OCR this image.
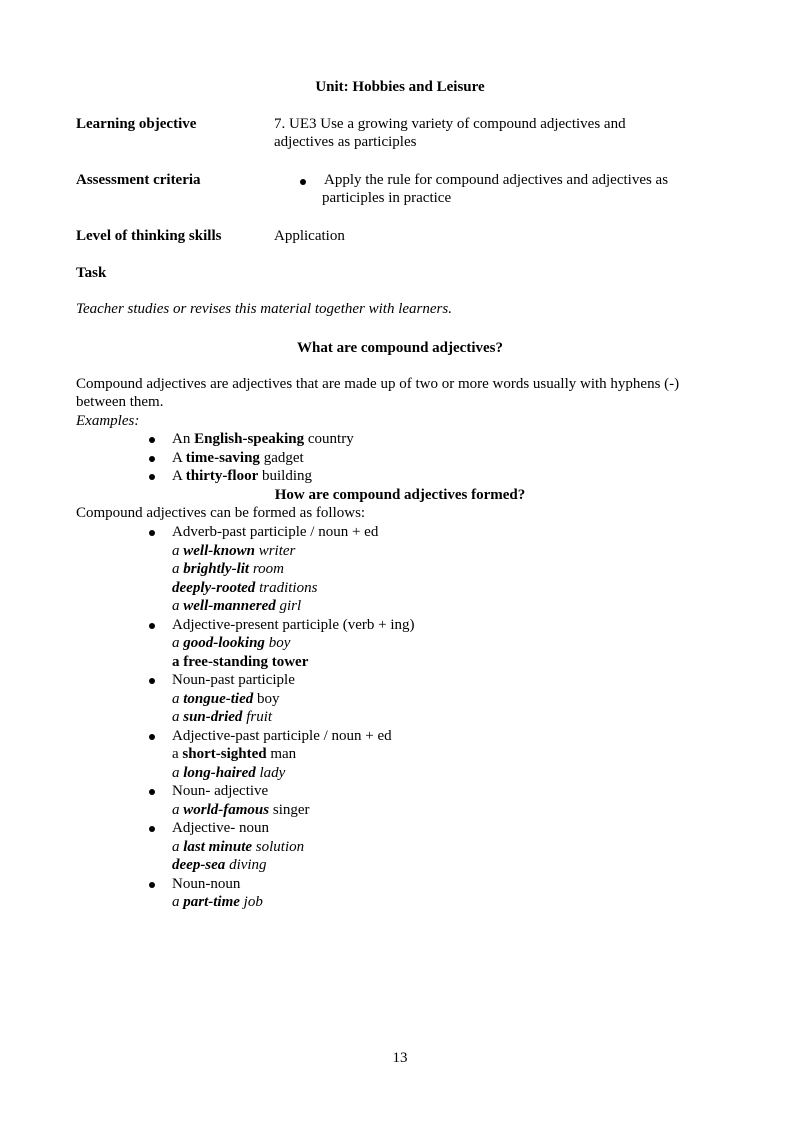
Unit: Hobbies and Leisure
Learning objective	7. UE3 Use a growing variety of compound adjectives and adjectives as participles
Assessment criteria	Apply the rule for compound adjectives and adjectives as participles in practice
Level of thinking skills	Application
Task
Teacher studies or revises this material together with learners.
What are compound adjectives?
Compound adjectives are adjectives that are made up of two or more words usually with hyphens (-) between them.
Examples:
How are compound adjectives formed?
Compound adjectives can be formed as follows:
13
An English-speaking country
A time-saving gadget
A thirty-floor building
Adverb-past participle / noun + ed
a well-known writer
a brightly-lit room
deeply-rooted traditions
a well-mannered girl
Adjective-present participle (verb + ing)
a good-looking boy
a free-standing tower
Noun-past participle
a tongue-tied boy
a sun-dried fruit
Adjective-past participle / noun + ed
a short-sighted man
a long-haired lady
Noun- adjective
a world-famous singer
Adjective- noun
a last minute solution
deep-sea diving
Noun-noun
a part-time job
